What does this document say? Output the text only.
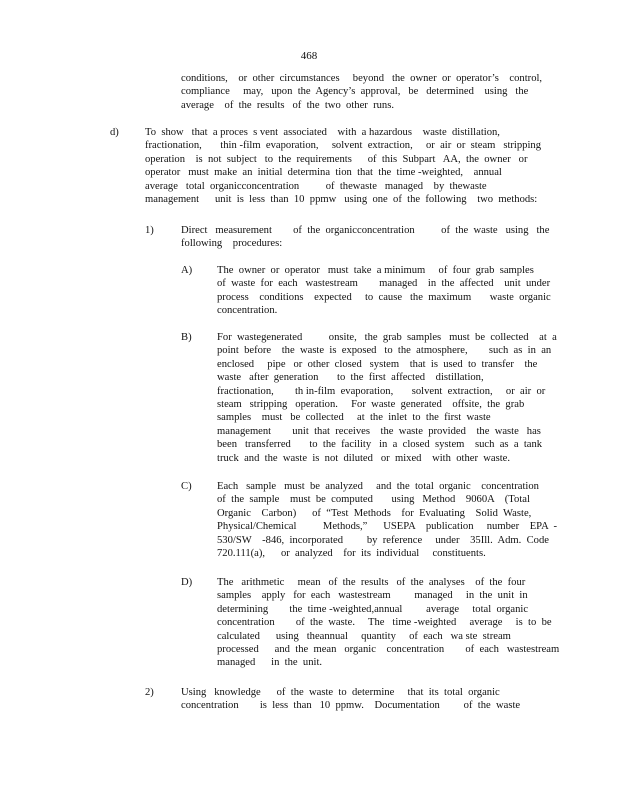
468
conditions,    or  other  circumstances     beyond   the  owner  or  operator’s    control,
compliance     may,   upon  the  Agency’s  approval,   be   determined    using   the
average    of  the  results   of  the  two  other  runs.
d) To  show   that  a proces  s vent  associated    with  a hazardous    waste  distillation,
fractionation,       thin -film  evaporation,     solvent  extraction,     or  air  or  steam   stripping
operation    is  not  subject   to  the  requirements      of  this  Subpart   AA,  the  owner   or
operator   must  make  an  initial  determina  tion  that  the  time -weighted,    annual
average   total  organicconcentration          of  thewaste   managed    by  thewaste
management      unit  is  less  than  10  ppmw   using  one  of  the  following    two  methods:
1)	Direct   measurement        of  the  organicconcentration          of  the  waste   using   the
following    procedures:
A) The  owner  or  operator   must  take  a minimum     of  four  grab  samples
of  waste  for  each   wastestream        managed    in  the  affected    unit  under
process    conditions    expected     to  cause   the  maximum       waste  organic
concentration.
B) For  wastegenerated          onsite,   the  grab  samples   must  be  collected    at  a
point  before    the  waste  is  exposed   to  the  atmosphere,        such  as  in  an
enclosed     pipe   or  other  closed   system    that  is  used  to  transfer    the
waste   after  generation       to  the  first  affected    distillation,
fractionation,        th in-film  evaporation,       solvent  extraction,     or  air  or
steam   stripping   operation.     For  waste  generated    offsite,  the  grab
samples    must   be  collected     at  the  inlet  to  the  first  waste
management        unit  that  receives    the  waste  provided    the  waste   has
been   transferred       to  the  facility   in  a  closed  system    such  as  a  tank
truck  and  the  waste  is  not  diluted   or  mixed    with  other  waste.
C) Each   sample   must  be  analyzed     and  the  total  organic    concentration
of  the  sample    must  be  computed       using   Method    9060A    (Total
Organic    Carbon)      of  “Test  Methods    for  Evaluating    Solid  Waste,
Physical/Chemical          Methods,”      USEPA    publication     number    EPA  -
530/SW    -846,  incorporated         by  reference     under    35Ill.  Adm.  Code
720.111(a),      or  analyzed    for  its  individual     constituents.
D) The   arithmetic     mean   of  the  results   of  the  analyses    of  the  four
samples    apply   for  each   wastestream         managed     in  the  unit  in
determining        the  time -weighted,annual         average     total  organic
concentration        of  the  waste.     The   time -weighted     average     is  to  be
calculated      using   theannual     quantity     of  each   wa ste  stream
processed      and  the  mean   organic    concentration        of  each   wastestream
managed      in  the  unit.
2)	Using   knowledge      of  the  waste  to  determine     that  its  total  organic
concentration        is  less  than   10  ppmw.    Documentation         of  the  waste
